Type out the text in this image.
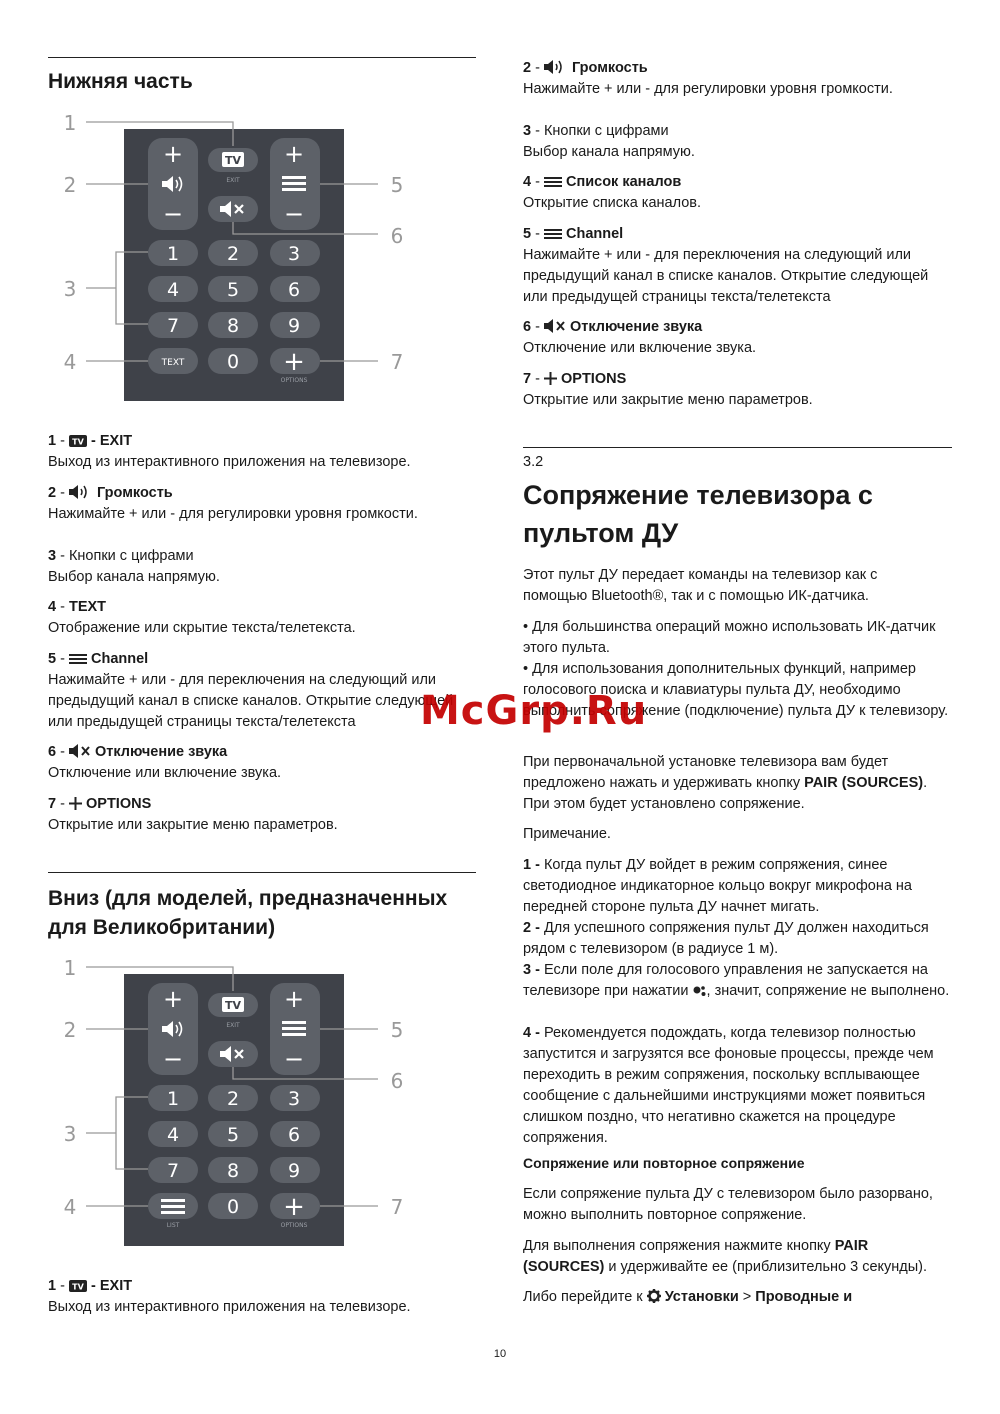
Нижняя часть
+
−
+
−
TV
EXIT
1	2	3
4	5	6
7	8	9
0
TEXT	+
OPTIONS
1
2
3
4
5
6
7
1 - TV - EXIT
Выход из интерактивного приложения на телевизоре.
2 -  Громкость
Нажимайте + или - для регулировки уровня громкости.
3 - Кнопки с цифрами
Выбор канала напрямую.
4 - TEXT
Отображение или скрытие текста/телетекста.
5 -  Channel
Нажимайте + или - для переключения на следующий или предыдущий канал в списке каналов. Открытие следующей или предыдущей страницы текста/телетекста
6 -  Отключение звука
Отключение или включение звука.
7 -  OPTIONS
Открытие или закрытие меню параметров.
Вниз (для моделей, предназначенных для Великобритании)
+
−
+
−
TV
EXIT
1	2	3
4	5	6
7	8	9
0
LIST
+
OPTIONS
1
2
3
4
5
6
7
1 - TV - EXIT
Выход из интерактивного приложения на телевизоре.
2 -  Громкость
Нажимайте + или - для регулировки уровня громкости.
3 - Кнопки с цифрами
Выбор канала напрямую.
4 -  Список каналов
Открытие списка каналов.
5 -  Channel
Нажимайте + или - для переключения на следующий или предыдущий канал в списке каналов. Открытие следующей или предыдущей страницы текста/телетекста
6 -  Отключение звука
Отключение или включение звука.
7 -  OPTIONS
Открытие или закрытие меню параметров.
3.2
Сопряжение телевизора с пультом ДУ
Этот пульт ДУ передает команды на телевизор как с помощью Bluetooth®, так и с помощью ИК-датчика.
• Для большинства операций можно использовать ИК-датчик этого пульта.
• Для использования дополнительных функций, например голосового поиска и клавиатуры пульта ДУ, необходимо выполнить сопряжение (подключение) пульта ДУ к телевизору.
При первоначальной установке телевизора вам будет предложено нажать и удерживать кнопку PAIR (SOURCES). При этом будет установлено сопряжение.
Примечание.
1 - Когда пульт ДУ войдет в режим сопряжения, синее светодиодное индикаторное кольцо вокруг микрофона на передней стороне пульта ДУ начнет мигать.
2 - Для успешного сопряжения пульт ДУ должен находиться рядом с телевизором (в радиусе 1 м).
3 - Если поле для голосового управления не запускается на телевизоре при нажатии , значит, сопряжение не выполнено.
4 - Рекомендуется подождать, когда телевизор полностью запустится и загрузятся все фоновые процессы, прежде чем переходить в режим сопряжения, поскольку всплывающее сообщение с дальнейшими инструкциями может появиться слишком поздно, что негативно скажется на процедуре сопряжения.
Сопряжение или повторное сопряжение
Если сопряжение пульта ДУ с телевизором было разорвано, можно выполнить повторное сопряжение.
Для выполнения сопряжения нажмите кнопку PAIR (SOURCES) и удерживайте ее (приблизительно 3 секунды).
Либо перейдите к  Установки > Проводные и
McGrp.Ru
10
